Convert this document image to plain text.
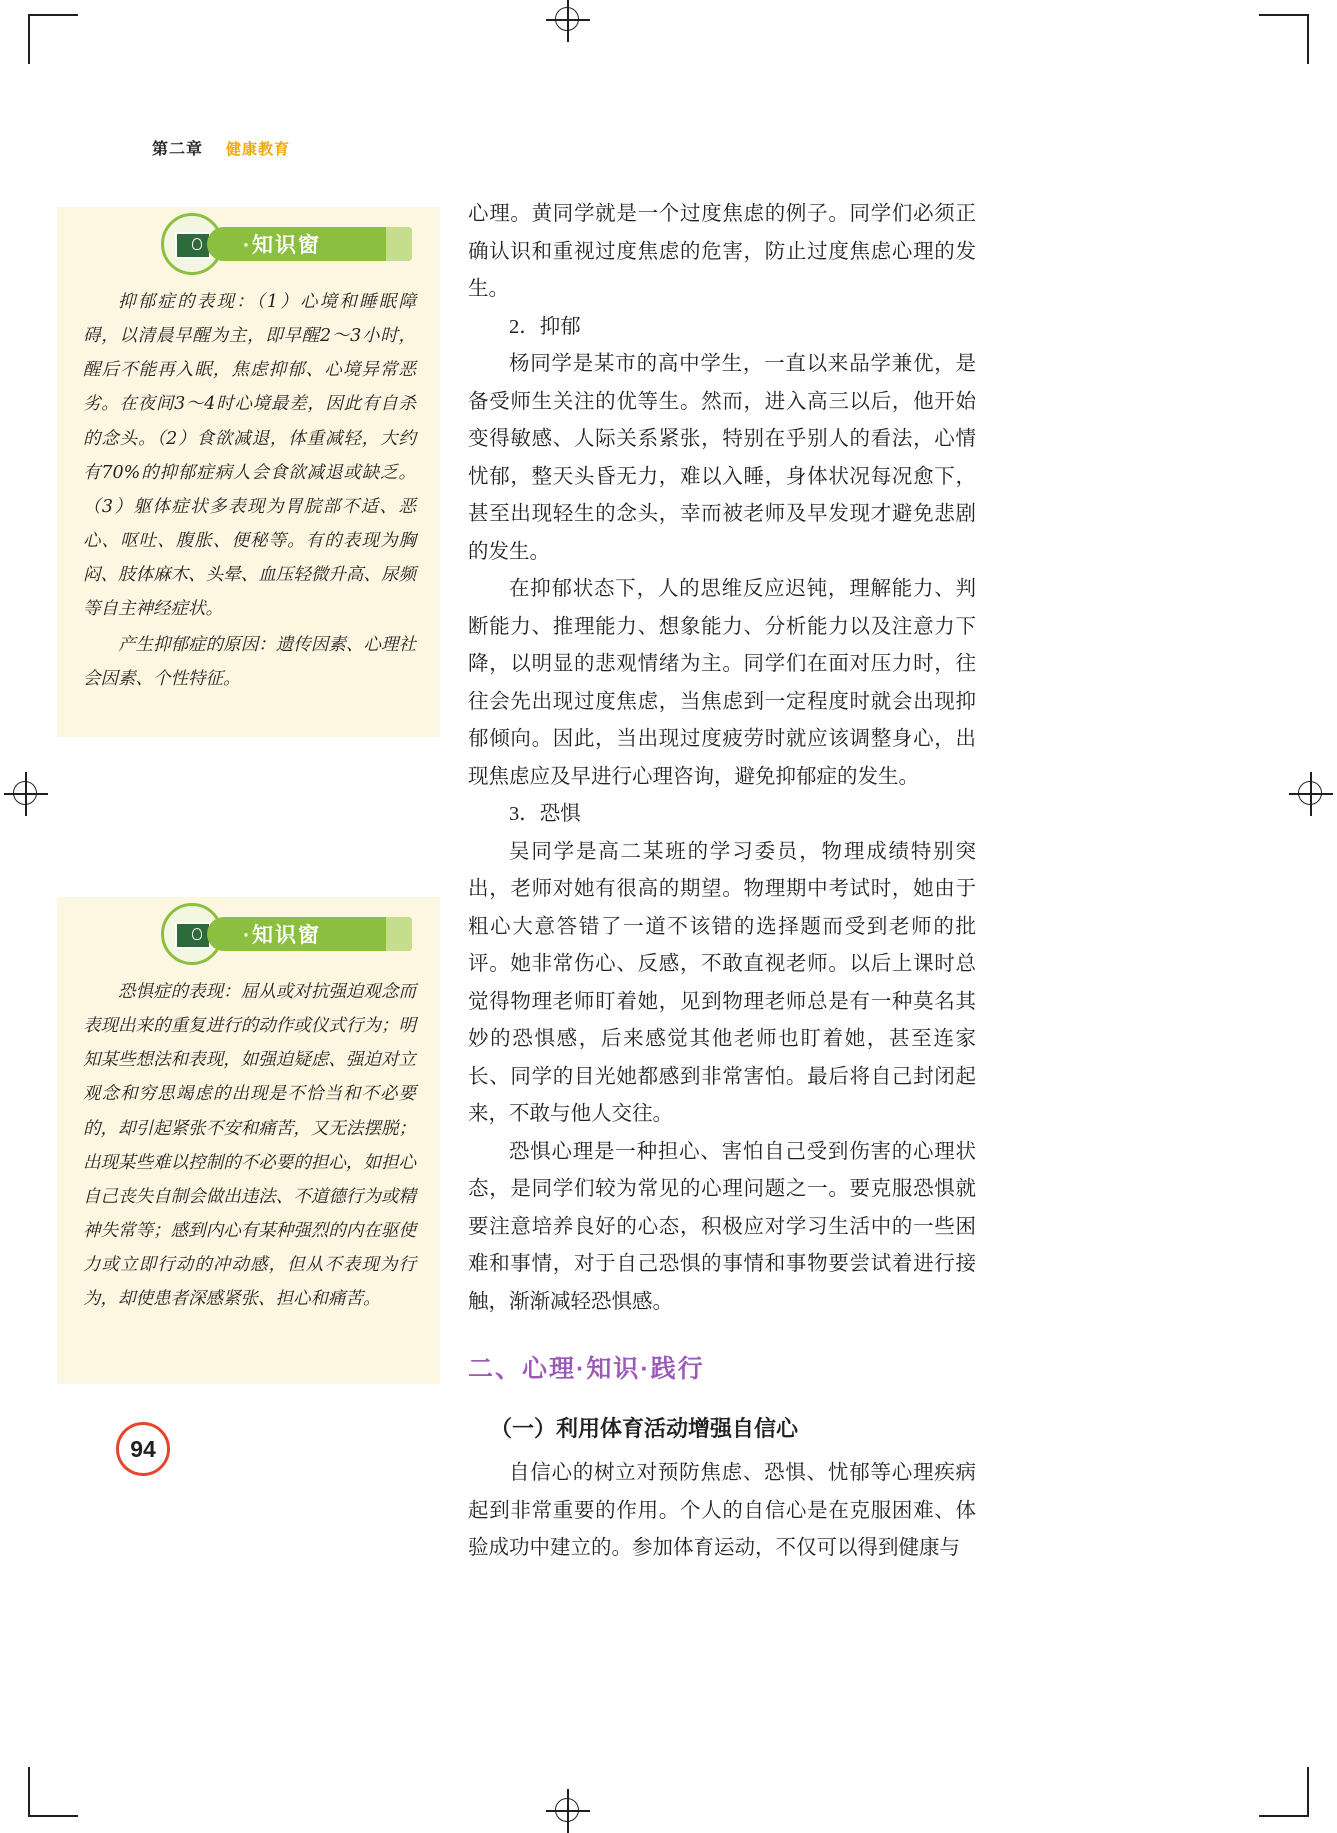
第二章 健康教育
·知识窗

抑郁症的表现：（1）心境和睡眠障碍，以清晨早醒为主，即早醒2～3小时，醒后不能再入眠，焦虑抑郁、心境异常恶劣。在夜间3～4时心境最差，因此有自杀的念头。（2）食欲减退，体重减轻，大约有70%的抑郁症病人会食欲减退或缺乏。（3）躯体症状多表现为胃脘部不适、恶心、呕吐、腹胀、便秘等。有的表现为胸闷、肢体麻木、头晕、血压轻微升高、尿频等自主神经症状。

产生抑郁症的原因：遗传因素、心理社会因素、个性特征。

·知识窗

恐惧症的表现：屈从或对抗强迫观念而表现出来的重复进行的动作或仪式行为；明知某些想法和表现，如强迫疑虑、强迫对立观念和穷思竭虑的出现是不恰当和不必要的，却引起紧张不安和痛苦，又无法摆脱；出现某些难以控制的不必要的担心，如担心自己丧失自制会做出违法、不道德行为或精神失常等；感到内心有某种强烈的内在驱使力或立即行动的冲动感，但从不表现为行为，却使患者深感紧张、担心和痛苦。

心理。黄同学就是一个过度焦虑的例子。同学们必须正确认识和重视过度焦虑的危害，防止过度焦虑心理的发生。

2．抑郁

杨同学是某市的高中学生，一直以来品学兼优，是备受师生关注的优等生。然而，进入高三以后，他开始变得敏感、人际关系紧张，特别在乎别人的看法，心情忧郁，整天头昏无力，难以入睡，身体状况每况愈下，甚至出现轻生的念头，幸而被老师及早发现才避免悲剧的发生。

在抑郁状态下，人的思维反应迟钝，理解能力、判断能力、推理能力、想象能力、分析能力以及注意力下降，以明显的悲观情绪为主。同学们在面对压力时，往往会先出现过度焦虑，当焦虑到一定程度时就会出现抑郁倾向。因此，当出现过度疲劳时就应该调整身心，出现焦虑应及早进行心理咨询，避免抑郁症的发生。

3．恐惧

吴同学是高二某班的学习委员，物理成绩特别突出，老师对她有很高的期望。物理期中考试时，她由于粗心大意答错了一道不该错的选择题而受到老师的批评。她非常伤心、反感，不敢直视老师。以后上课时总觉得物理老师盯着她，见到物理老师总是有一种莫名其妙的恐惧感，后来感觉其他老师也盯着她，甚至连家长、同学的目光她都感到非常害怕。最后将自己封闭起来，不敢与他人交往。

恐惧心理是一种担心、害怕自己受到伤害的心理状态，是同学们较为常见的心理问题之一。要克服恐惧就要注意培养良好的心态，积极应对学习生活中的一些困难和事情，对于自己恐惧的事情和事物要尝试着进行接触，渐渐减轻恐惧感。

二、心理·知识·践行
（一）利用体育活动增强自信心

自信心的树立对预防焦虑、恐惧、忧郁等心理疾病起到非常重要的作用。个人的自信心是在克服困难、体验成功中建立的。参加体育运动，不仅可以得到健康与

94
